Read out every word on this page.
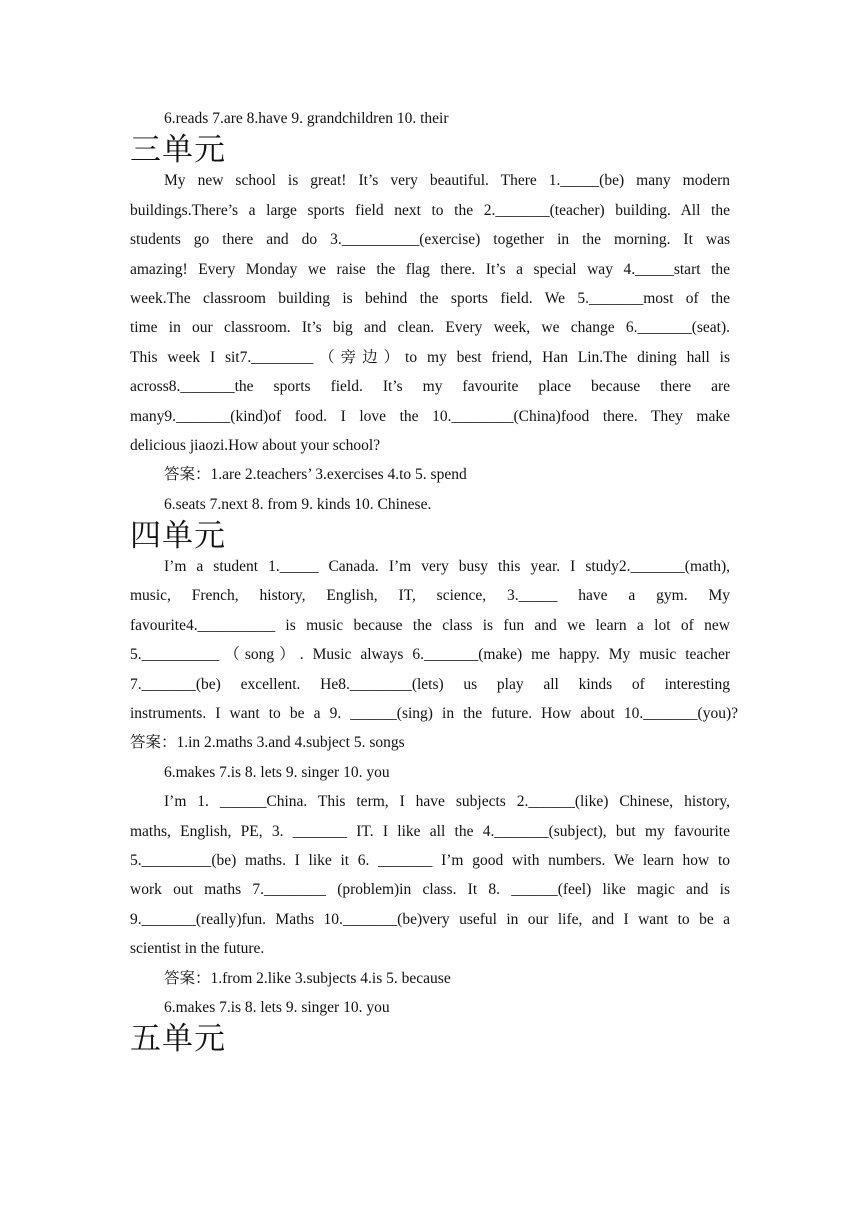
6.reads 7.are 8.have 9. grandchildren 10. their
三单元
My new school is great! It’s very beautiful. There 1._____(be) many modern
buildings.There’s a large sports field next to the 2._______(teacher) building. All the
students go there and do 3.__________(exercise) together in the morning. It was
amazing! Every Monday we raise the flag there. It’s a special way 4._____start the
week.The classroom building is behind the sports field. We 5._______most of the
time in our classroom. It’s big and clean. Every week, we change 6._______(seat).
This week I sit7.________（旁边）to my best friend, Han Lin.The dining hall is
across8._______the sports field. It’s my favourite place because there are
many9._______(kind)of food. I love the 10.________(China)food there. They make
delicious jiaozi.How about your school?
答案：1.are 2.teachers’ 3.exercises 4.to 5. spend
6.seats 7.next 8. from 9. kinds 10. Chinese.
四单元
I’m a student 1._____ Canada. I’m very busy this year. I study2._______(math),
music, French, history, English, IT, science, 3._____ have a gym. My
favourite4.__________ is music because the class is fun and we learn a lot of new
5.__________（song）. Music always 6._______(make) me happy. My music teacher
7._______(be) excellent. He8.________(lets) us play all kinds of interesting
instruments. I want to be a 9. ______(sing) in the future. How about 10._______(you)?
答案：1.in 2.maths 3.and 4.subject 5. songs
6.makes 7.is 8. lets 9. singer 10. you
I’m 1. ______China. This term, I have subjects 2.______(like) Chinese, history,
maths, English, PE, 3. _______ IT. I like all the 4._______(subject), but my favourite
5._________(be) maths. I like it 6. _______ I’m good with numbers. We learn how to
work out maths 7.________ (problem)in class. It 8. ______(feel) like magic and is
9._______(really)fun. Maths 10._______(be)very useful in our life, and I want to be a
scientist in the future.
答案：1.from 2.like 3.subjects 4.is 5. because
6.makes 7.is 8. lets 9. singer 10. you
五单元
